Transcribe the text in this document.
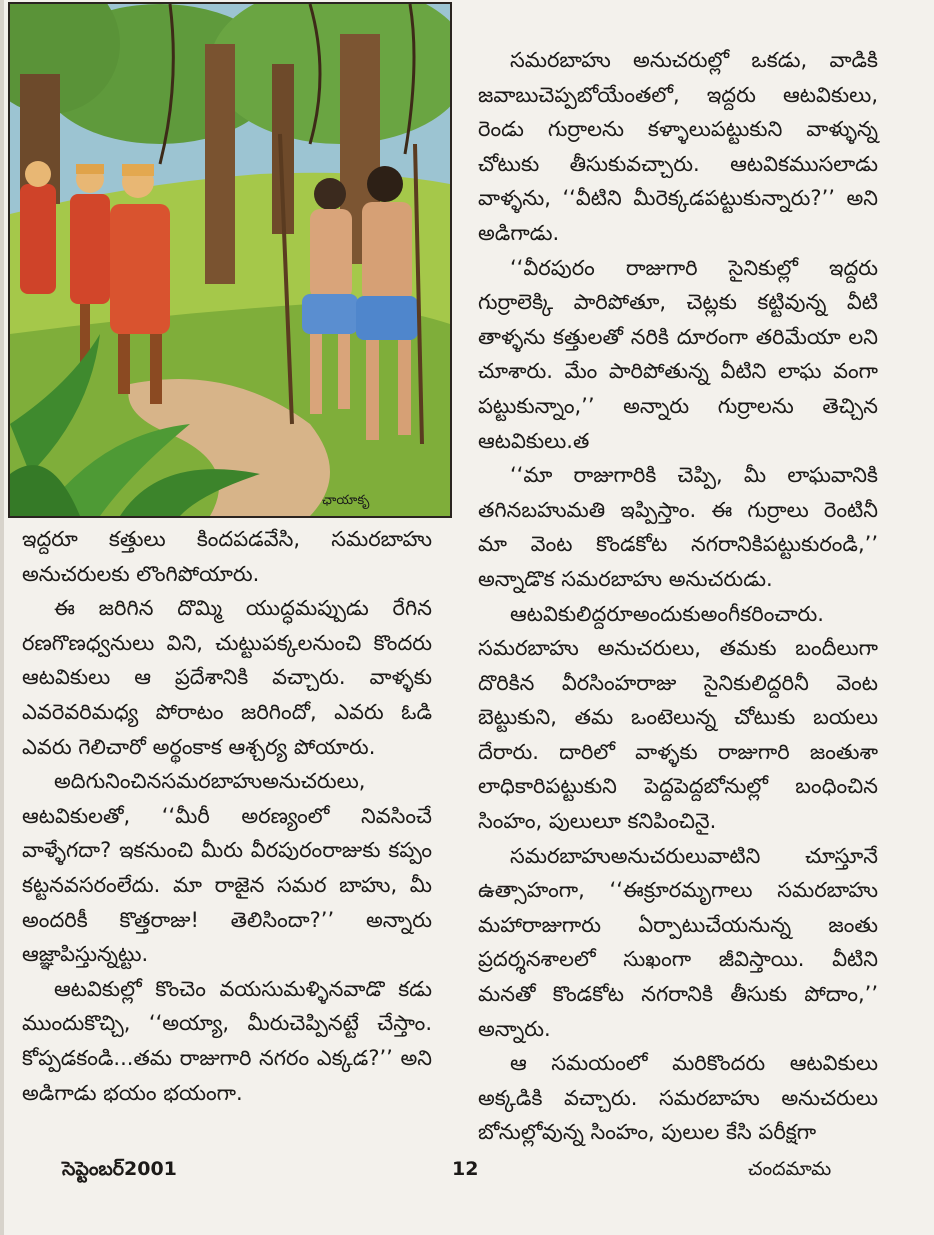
ఛాయాకృ

ఇద్దరూ కత్తులు కిందపడవేసి, సమరబాహు అనుచరులకు లొంగిపోయారు.

ఈ జరిగిన దొమ్మి యుద్ధమప్పుడు రేగిన రణగొణధ్వనులు విని, చుట్టుపక్కలనుంచి కొందరు ఆటవికులు ఆ ప్రదేశానికి వచ్చారు. వాళ్ళకు ఎవరెవరిమధ్య పోరాటం జరిగిందో, ఎవరు ఓడి ఎవరు గెలిచారో అర్థంకాక ఆశ్చర్య పోయారు.

అదిగునించినసమరబాహుఅనుచరులు, ఆటవికులతో, ‘‘మీరీ అరణ్యంలో నివసించే వాళ్ళేగదా? ఇకనుంచి మీరు వీరపురంరాజుకు కప్పం కట్టనవసరంలేదు. మా రాజైన సమర బాహు, మీ అందరికీ కొత్తరాజు! తెలిసిందా?’’ అన్నారు ఆజ్ఞాపిస్తున్నట్టు.

ఆటవికుల్లో కొంచెం వయసుమళ్ళినవాడొ కడు ముందుకొచ్చి, ‘‘అయ్యా, మీరుచెప్పినట్టే చేస్తాం. కోప్పడకండి...తమ రాజుగారి నగరం ఎక్కడ?’’ అని అడిగాడు భయం భయంగా.

సమరబాహు అనుచరుల్లో ఒకడు, వాడికి జవాబుచెప్పబోయేంతలో, ఇద్దరు ఆటవికులు, రెండు గుర్రాలను కళ్ళాలుపట్టుకుని వాళ్ళున్న చోటుకు తీసుకువచ్చారు. ఆటవికముసలాడు వాళ్ళను, ‘‘వీటిని మీరెక్కడపట్టుకున్నారు?’’ అని అడిగాడు.

‘‘వీరపురం రాజుగారి సైనికుల్లో ఇద్దరు గుర్రాలెక్కి పారిపోతూ, చెట్లకు కట్టివున్న వీటి తాళ్ళను కత్తులతో నరికి దూరంగా తరిమేయా లని చూశారు. మేం పారిపోతున్న వీటిని లాఘ వంగా పట్టుకున్నాం,’’ అన్నారు గుర్రాలను తెచ్చిన ఆటవికులు.త

‘‘మా రాజుగారికి చెప్పి, మీ లాఘవానికి తగినబహుమతి ఇప్పిస్తాం. ఈ గుర్రాలు రెంటినీ మా వెంట కొండకోట నగరానికిపట్టుకురండి,’’ అన్నాడొక సమరబాహు అనుచరుడు.

ఆటవికులిద్దరూఅందుకుఅంగీకరించారు. సమరబాహు అనుచరులు, తమకు బందీలుగా దొరికిన వీరసింహరాజు సైనికులిద్దరినీ వెంట బెట్టుకుని, తమ ఒంటెలున్న చోటుకు బయలు దేరారు. దారిలో వాళ్ళకు రాజుగారి జంతుశా లాధికారిపట్టుకుని పెద్దపెద్దబోనుల్లో బంధించిన సింహం, పులులూ కనిపించినై.

సమరబాహుఅనుచరులువాటిని చూస్తూనే ఉత్సాహంగా, ‘‘ఈక్రూరమృగాలు సమరబాహు మహారాజుగారు ఏర్పాటుచేయనున్న జంతు ప్రదర్శనశాలలో సుఖంగా జీవిస్తాయి. వీటిని మనతో కొండకోట నగరానికి తీసుకు పోదాం,’’ అన్నారు.

ఆ సమయంలో మరికొందరు ఆటవికులు అక్కడికి వచ్చారు. సమరబాహు అనుచరులు బోనుల్లోవున్న సింహం, పులుల కేసి పరీక్షగా

సెప్టెంబర్2001	12	చందమామ
